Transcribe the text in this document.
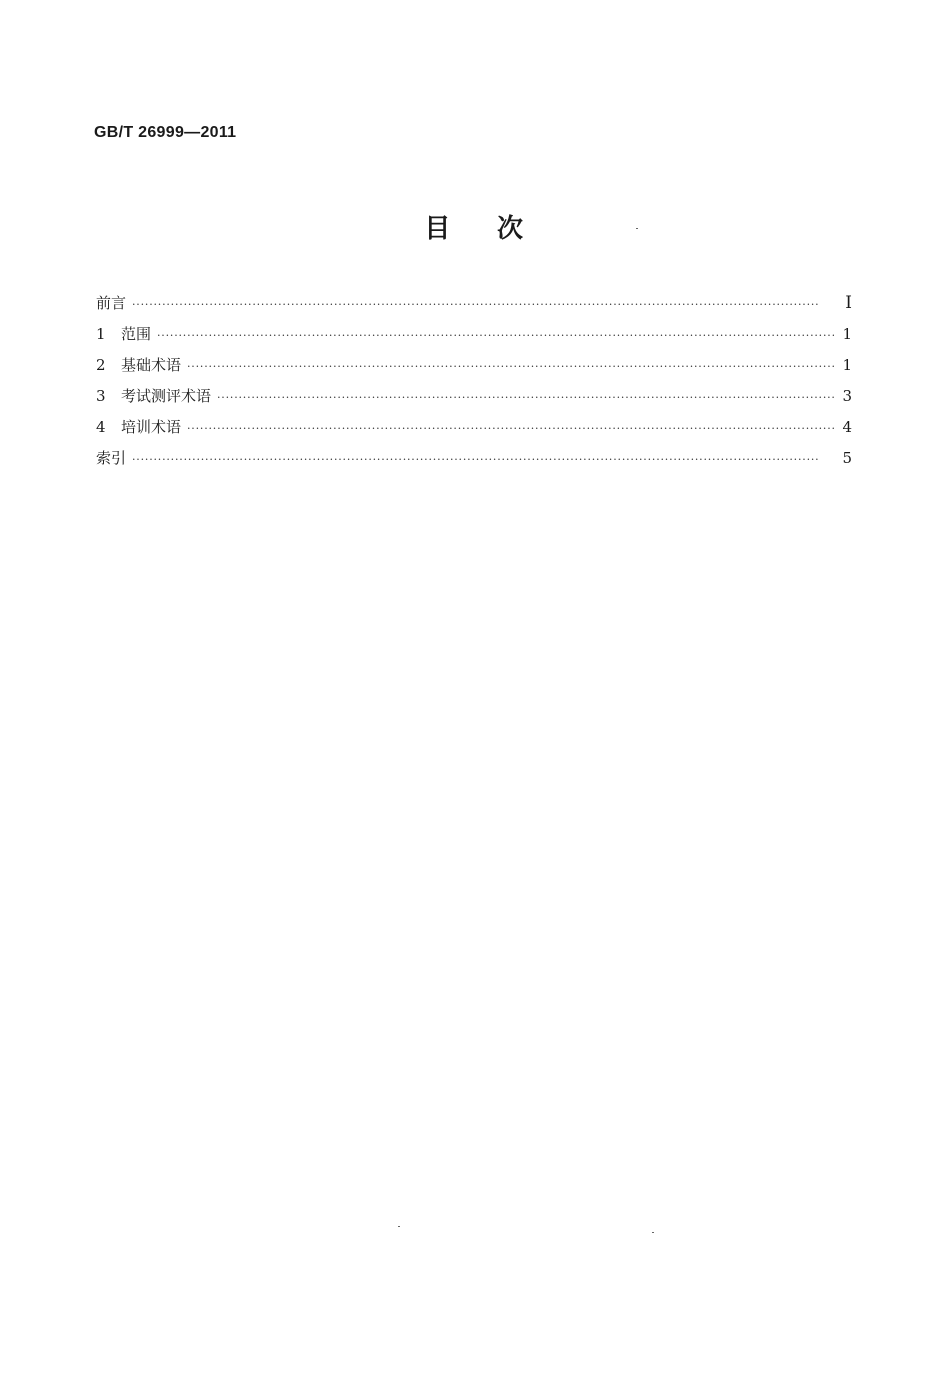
GB/T 26999—2011
目 次
前言 ·····	Ⅰ
1	范围 ·····	1
2	基础术语 ·····	1
3	考试测评术语 ·····	3
4	培训术语 ·····	4
索引 ·····	5
